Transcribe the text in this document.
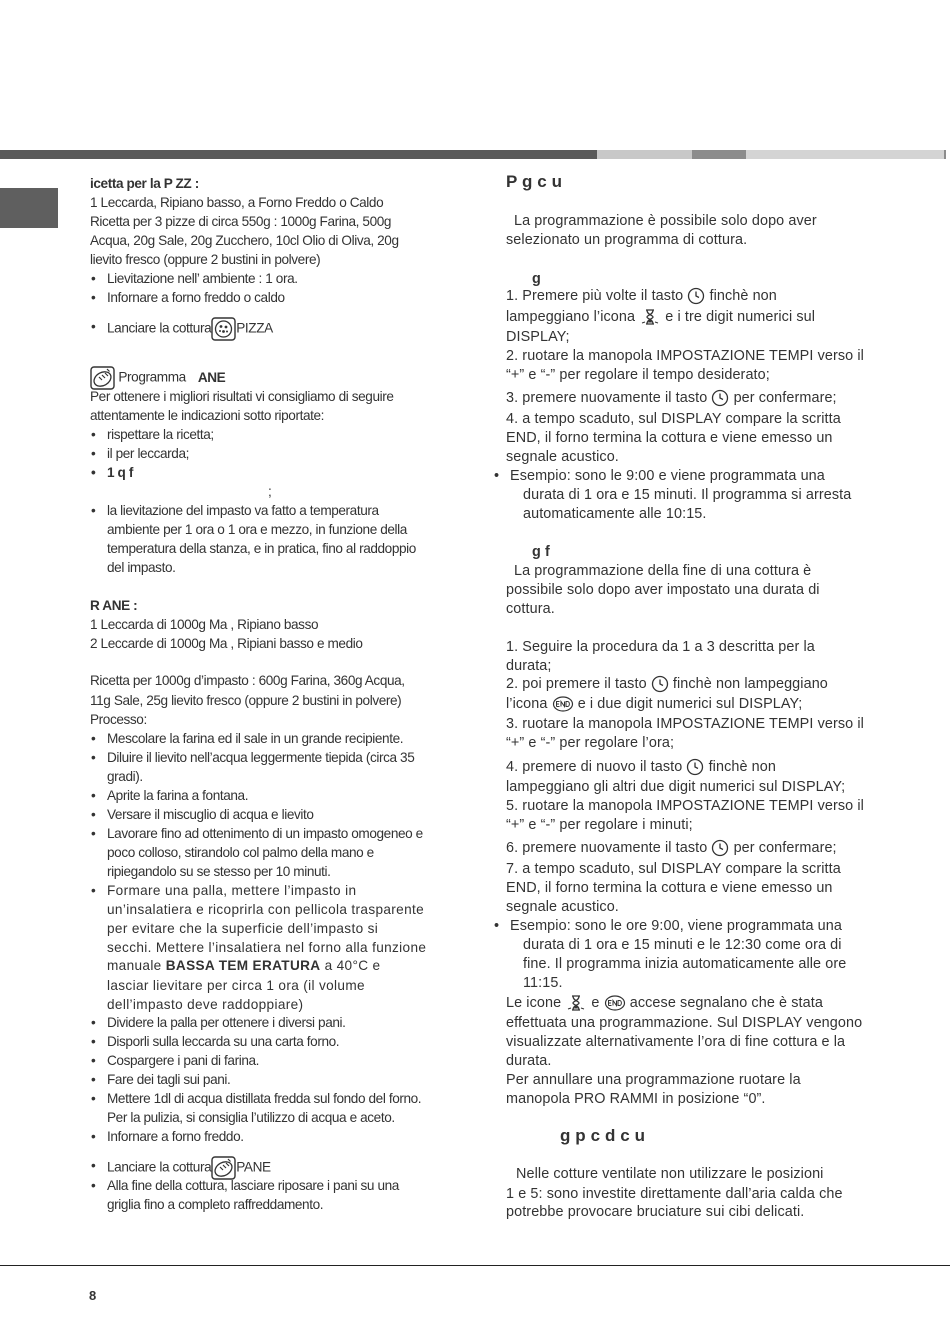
icetta per la P ZZ :
1 Leccarda, Ripiano basso, a Forno Freddo o Caldo
Ricetta per 3 pizze di circa 550g : 1000g Farina, 500g
Acqua, 20g Sale, 20g Zucchero, 10cl Olio di Oliva, 20g
lievito fresco (oppure 2 bustini in polvere)
• Lievitazione nell’ ambiente : 1 ora.
• Infornare a forno freddo o caldo
• Lanciare la cottura PIZZA
Programma ANE
Per ottenere i migliori risultati vi consigliamo di seguire
attentamente le indicazioni sotto riportate:
• rispettare la ricetta;
• il per leccarda;
• 1 q f
;
• la lievitazione del impasto va fatto a temperatura
ambiente per 1 ora o 1 ora e mezzo, in funzione della
temperatura della stanza, e in pratica, fino al raddoppio
del impasto.
R ANE :
1 Leccarda di 1000g Ma , Ripiano basso
2 Leccarde di 1000g Ma , Ripiani basso e medio
Ricetta per 1000g d’impasto : 600g Farina, 360g Acqua,
11g Sale, 25g lievito fresco (oppure 2 bustini in polvere)
Processo:
• Mescolare la farina ed il sale in un grande recipiente.
• Diluire il lievito nell’acqua leggermente tiepida (circa 35
gradi).
• Aprite la farina a fontana.
• Versare il miscuglio di acqua e lievito
• Lavorare fino ad ottenimento di un impasto omogeneo e
poco colloso, stirandolo col palmo della mano e
ripiegandolo su se stesso per 10 minuti.
• Formare una palla, mettere l’impasto in
un’insalatiera e ricoprirla con pellicola trasparente
per evitare che la superficie dell’impasto si
secchi. Mettere l’insalatiera nel forno alla funzione
manuale BASSA TEM ERATURA a 40°C e
lasciar lievitare per circa 1 ora (il volume
dell’impasto deve raddoppiare)
• Dividere la palla per ottenere i diversi pani.
• Disporli sulla leccarda su una carta forno.
• Cospargere i pani di farina.
• Fare dei tagli sui pani.
• Mettere 1dl di acqua distillata fredda sul fondo del forno.
Per la pulizia, si consiglia l’utilizzo di acqua e aceto.
• Infornare a forno freddo.
• Lanciare la cottura PANE
• Alla fine della cottura, lasciare riposare i pani su una
griglia fino a completo raffreddamento.
P g c u
La programmazione è possibile solo dopo aver
selezionato un programma di cottura.
g
1. Premere più volte il tasto  finchè non
lampeggiano l’icona  e i tre digit numerici sul
DISPLAY;
2. ruotare la manopola IMPOSTAZIONE TEMPI verso il
“+” e “-” per regolare il tempo desiderato;
3. premere nuovamente il tasto  per confermare;
4. a tempo scaduto, sul DISPLAY compare la scritta
END, il forno termina la cottura e viene emesso un
segnale acustico.
• Esempio: sono le 9:00 e viene programmata una
durata di 1 ora e 15 minuti. Il programma si arresta
automaticamente alle 10:15.
g f
La programmazione della fine di una cottura è
possibile solo dopo aver impostato una durata di
cottura.
1. Seguire la procedura da 1 a 3 descritta per la
durata;
2. poi premere il tasto  finchè non lampeggiano
l’icona  e i due digit numerici sul DISPLAY;
3. ruotare la manopola IMPOSTAZIONE TEMPI verso il
“+” e “-” per regolare l’ora;
4. premere di nuovo il tasto  finchè non
lampeggiano gli altri due digit numerici sul DISPLAY;
5. ruotare la manopola IMPOSTAZIONE TEMPI verso il
“+” e “-” per regolare i minuti;
6. premere nuovamente il tasto  per confermare;
7. a tempo scaduto, sul DISPLAY compare la scritta
END, il forno termina la cottura e viene emesso un
segnale acustico.
• Esempio: sono le ore 9:00, viene programmata una
durata di 1 ora e 15 minuti e le 12:30 come ora di
fine. Il programma inizia automaticamente alle ore
11:15.
Le icone  e  accese segnalano che è stata
effettuata una programmazione. Sul DISPLAY vengono
visualizzate alternativamente l’ora di fine cottura e la
durata.
Per annullare una programmazione ruotare la
manopola PRO RAMMI in posizione “0”.
g p c d c u
Nelle cotture ventilate non utilizzare le posizioni
1 e 5: sono investite direttamente dall’aria calda che
potrebbe provocare bruciature sui cibi delicati.
8
